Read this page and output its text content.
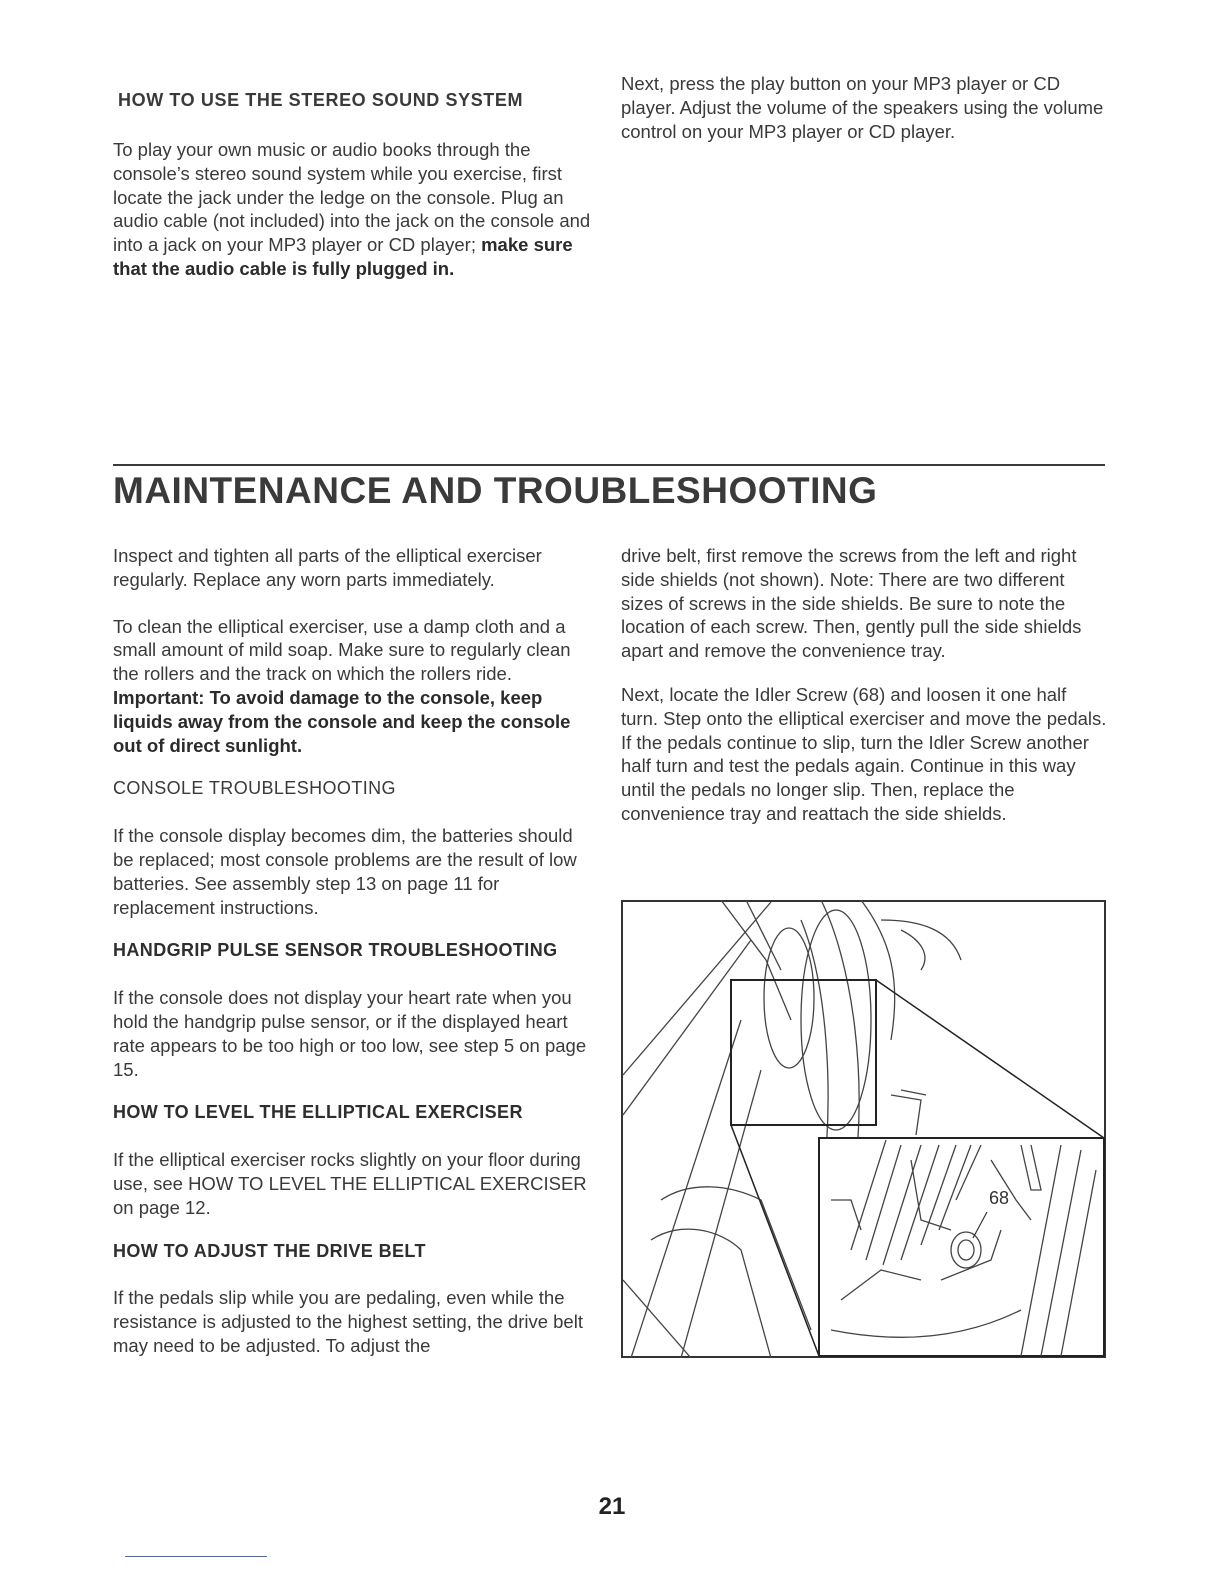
HOW TO USE THE STEREO SOUND SYSTEM

To play your own music or audio books through the console’s stereo sound system while you exercise, first locate the jack under the ledge on the console. Plug an audio cable (not included) into the jack on the console and into a jack on your MP3 player or CD player; make sure that the audio cable is fully plugged in.

Next, press the play button on your MP3 player or CD player. Adjust the volume of the speakers using the volume control on your MP3 player or CD player.

MAINTENANCE AND TROUBLESHOOTING

Inspect and tighten all parts of the elliptical exerciser regularly. Replace any worn parts immediately.

To clean the elliptical exerciser, use a damp cloth and a small amount of mild soap. Make sure to regularly clean the rollers and the track on which the rollers ride. Important: To avoid damage to the console, keep liquids away from the console and keep the console out of direct sunlight.

CONSOLE TROUBLESHOOTING

If the console display becomes dim, the batteries should be replaced; most console problems are the result of low batteries. See assembly step 13 on page 11 for replacement instructions.

HANDGRIP PULSE SENSOR TROUBLESHOOTING

If the console does not display your heart rate when you hold the handgrip pulse sensor, or if the displayed heart rate appears to be too high or too low, see step 5 on page 15.

HOW TO LEVEL THE ELLIPTICAL EXERCISER

If the elliptical exerciser rocks slightly on your floor during use, see HOW TO LEVEL THE ELLIPTICAL EXERCISER on page 12.

HOW TO ADJUST THE DRIVE BELT

If the pedals slip while you are pedaling, even while the resistance is adjusted to the highest setting, the drive belt may need to be adjusted. To adjust the

drive belt, first remove the screws from the left and right side shields (not shown). Note: There are two different sizes of screws in the side shields. Be sure to note the location of each screw. Then, gently pull the side shields apart and remove the convenience tray.

Next, locate the Idler Screw (68) and loosen it one half turn. Step onto the elliptical exerciser and move the pedals. If the pedals continue to slip, turn the Idler Screw another half turn and test the pedals again. Continue in this way until the pedals no longer slip. Then, replace the convenience tray and reattach the side shields.

68
21
